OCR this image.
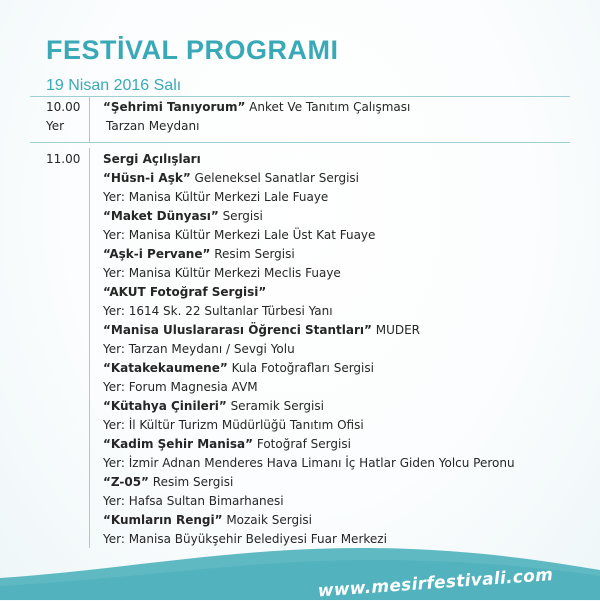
FESTİVAL PROGRAMI
19 Nisan 2016 Salı
10.00
Yer
“Şehrimi Tanıyorum” Anket Ve Tanıtım Çalışması
Tarzan Meydanı
11.00 Sergi Açılışları
“Hüsn-i Aşk” Geleneksel Sanatlar Sergisi
Yer: Manisa Kültür Merkezi Lale Fuaye
“Maket Dünyası” Sergisi
Yer: Manisa Kültür Merkezi Lale Üst Kat Fuaye
“Aşk-i Pervane” Resim Sergisi
Yer: Manisa Kültür Merkezi Meclis Fuaye
“AKUT Fotoğraf Sergisi”
Yer: 1614 Sk. 22 Sultanlar Türbesi Yanı
“Manisa Uluslararası Öğrenci Stantları” MUDER
Yer: Tarzan Meydanı / Sevgi Yolu
“Katakekaumene” Kula Fotoğrafları Sergisi
Yer: Forum Magnesia AVM
“Kütahya Çinileri” Seramik Sergisi
Yer: İl Kültür Turizm Müdürlüğü Tanıtım Ofisi
“Kadim Şehir Manisa” Fotoğraf Sergisi
Yer: İzmir Adnan Menderes Hava Limanı İç Hatlar Giden Yolcu Peronu
“Z-05” Resim Sergisi
Yer: Hafsa Sultan Bimarhanesi
“Kumların Rengi” Mozaik Sergisi
Yer: Manisa Büyükşehir Belediyesi Fuar Merkezi
www.mesirfestivali.com
